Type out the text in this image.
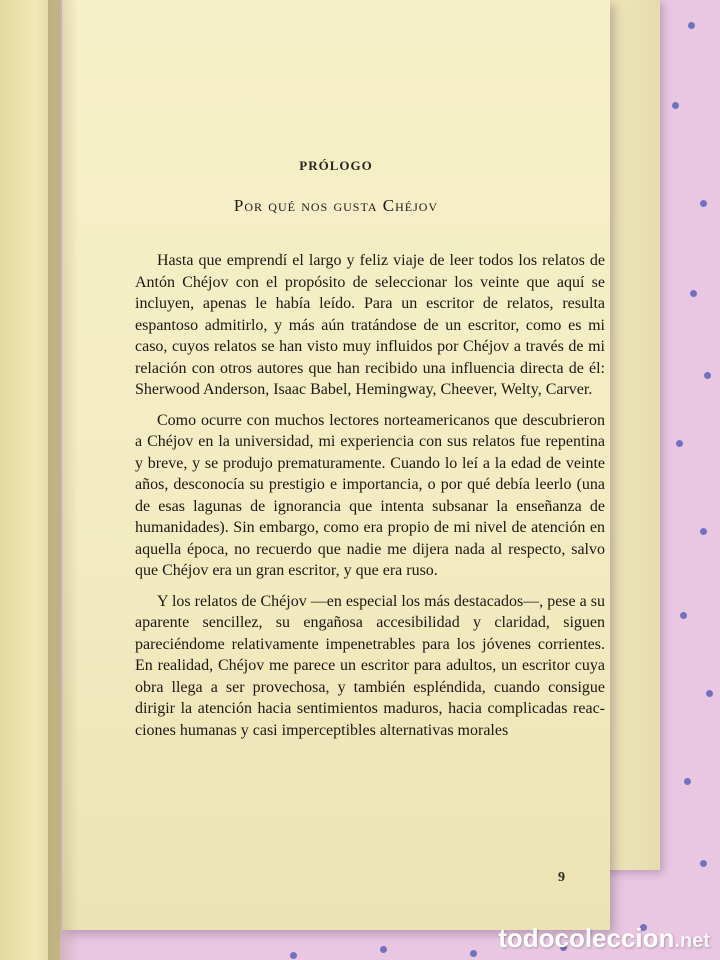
PRÓLOGO
Por qué nos gusta Chéjov

Hasta que emprendí el largo y feliz viaje de leer todos los relatos de Antón Chéjov con el propósito de seleccionar los veinte que aquí se incluyen, apenas le había leído. Para un escritor de relatos, resulta espantoso admitirlo, y más aún tratándose de un escritor, como es mi caso, cuyos relatos se han visto muy influidos por Chéjov a través de mi relación con otros autores que han recibido una influencia directa de él: Sherwood Anderson, Isaac Babel, Hemingway, Cheever, Welty, Carver.

Como ocurre con muchos lectores norteamericanos que descubrieron a Chéjov en la universidad, mi experiencia con sus relatos fue repentina y breve, y se produjo prematuramente. Cuando lo leí a la edad de veinte años, desconocía su prestigio e importancia, o por qué debía leerlo (una de esas lagunas de ignorancia que intenta subsanar la enseñanza de humanidades). Sin embargo, como era propio de mi nivel de atención en aquella época, no recuerdo que nadie me dijera nada al respecto, salvo que Chéjov era un gran escritor, y que era ruso.

Y los relatos de Chéjov —en especial los más destacados—, pese a su aparente sencillez, su engañosa accesibilidad y claridad, siguen pareciéndome relativamente impenetrables para los jóvenes corrientes. En realidad, Chéjov me parece un escritor para adultos, un escritor cuya obra llega a ser provechosa, y también espléndida, cuando consigue dirigir la atención hacia sentimientos maduros, hacia complicadas reacciones humanas y casi imperceptibles alternativas morales

9
todocoleccion.net
